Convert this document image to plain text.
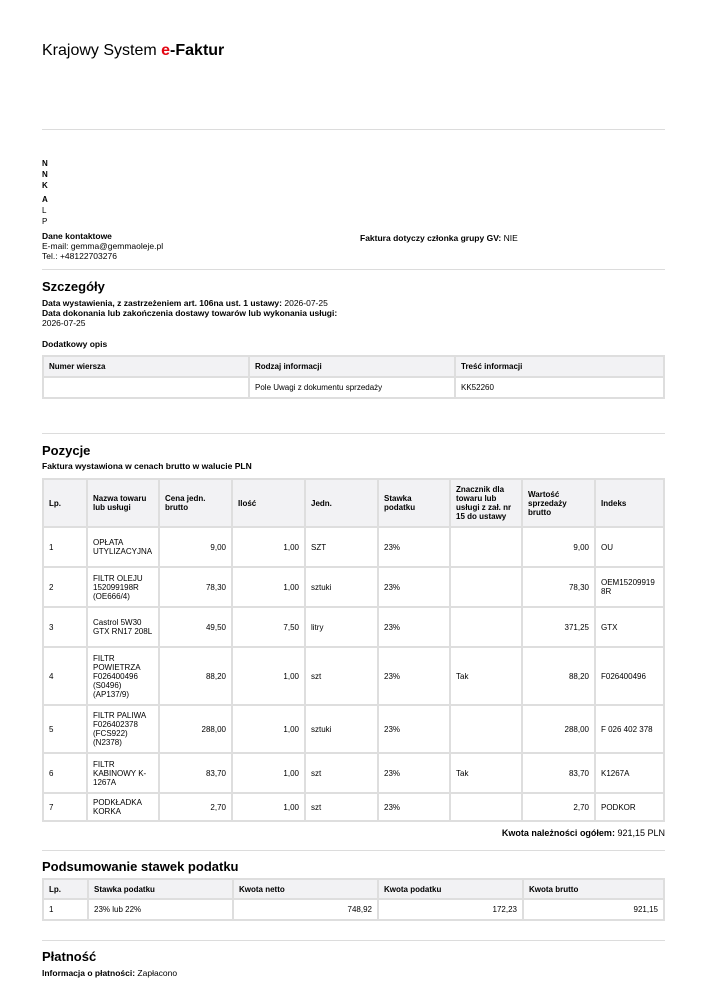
Krajowy System e-Faktur
N
N
K
A
L
P
Dane kontaktowe
E-mail: gemma@gemmaoleje.pl
Tel.: +48122703276
Faktura dotyczy członka grupy GV: NIE
Szczegóły
Data wystawienia, z zastrzeżeniem art. 106na ust. 1 ustawy: 2026-07-25
Data dokonania lub zakończenia dostawy towarów lub wykonania usługi:
2026-07-25
Dodatkowy opis
Numer wiersza	Rodzaj informacji	Treść informacji
	Pole Uwagi z dokumentu sprzedaży	KK52260
Pozycje
Faktura wystawiona w cenach brutto w walucie PLN
Lp.	Nazwa towaru lub usługi	Cena jedn. brutto	Ilość	Jedn.	Stawka podatku	Znacznik dla towaru lub usługi z zał. nr 15 do ustawy	Wartość sprzedaży brutto	Indeks
1	OPŁATA UTYLIZACYJNA	9,00	1,00	SZT	23%		9,00	OU
2	FILTR OLEJU 152099198R (OE666/4)	78,30	1,00	sztuki	23%		78,30	OEM152099198R
3	Castrol 5W30 GTX RN17 208L	49,50	7,50	litry	23%		371,25	GTX
4	FILTR POWIETRZA F026400496 (S0496) (AP137/9)	88,20	1,00	szt	23%	Tak	88,20	F026400496
5	FILTR PALIWA F026402378 (FCS922) (N2378)	288,00	1,00	sztuki	23%		288,00	F 026 402 378
6	FILTR KABINOWY K-1267A	83,70	1,00	szt	23%	Tak	83,70	K1267A
7	PODKŁADKA KORKA	2,70	1,00	szt	23%		2,70	PODKOR
Kwota należności ogółem: 921,15 PLN
Podsumowanie stawek podatku
Lp.	Stawka podatku	Kwota netto	Kwota podatku	Kwota brutto
1	23% lub 22%	748,92	172,23	921,15
Płatność
Informacja o płatności: Zapłacono
